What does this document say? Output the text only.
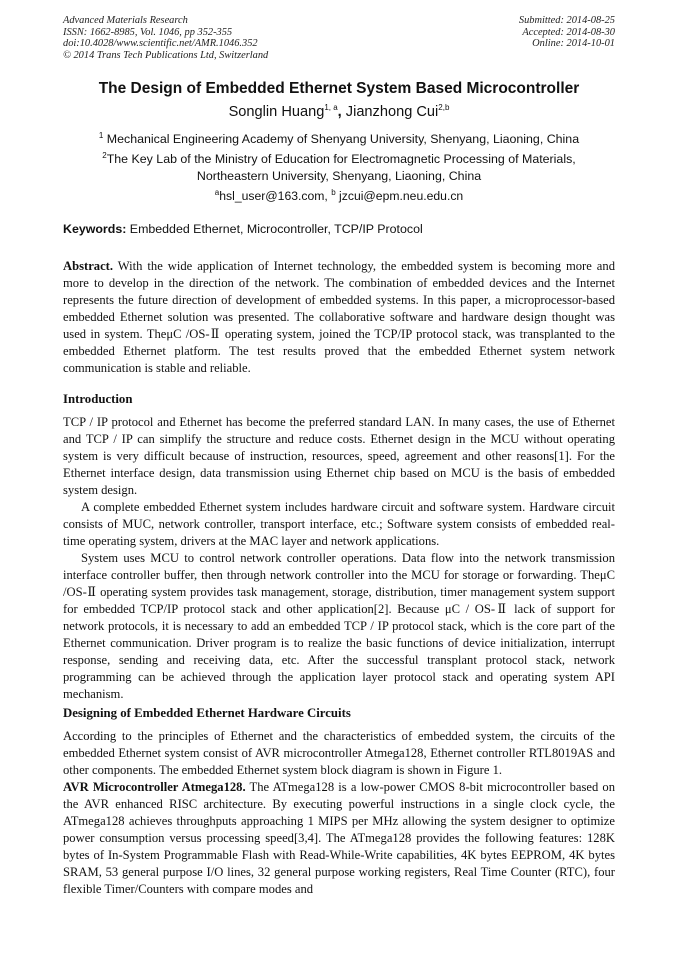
Advanced Materials Research
ISSN: 1662-8985, Vol. 1046, pp 352-355
doi:10.4028/www.scientific.net/AMR.1046.352
© 2014 Trans Tech Publications Ltd, Switzerland
Submitted: 2014-08-25
Accepted: 2014-08-30
Online: 2014-10-01
The Design of Embedded Ethernet System Based Microcontroller
Songlin Huang$^{1, a}$, Jianzhong Cui$^{2,b}$
$^1$ Mechanical Engineering Academy of Shenyang University, Shenyang, Liaoning, China
$^2$The Key Lab of the Ministry of Education for Electromagnetic Processing of Materials,
Northeastern University, Shenyang, Liaoning, China
$^a$hsl_user@163.com, $^b$ jzcui@epm.neu.edu.cn
Keywords: Embedded Ethernet, Microcontroller, TCP/IP Protocol
Abstract. With the wide application of Internet technology, the embedded system is becoming more and more to develop in the direction of the network. The combination of embedded devices and the Internet represents the future direction of development of embedded systems. In this paper, a microprocessor-based embedded Ethernet solution was presented. The collaborative software and hardware design thought was used in system. TheμC /OS-Ⅱ operating system, joined the TCP/IP protocol stack, was transplanted to the embedded Ethernet platform. The test results proved that the embedded Ethernet system network communication is stable and reliable.
Introduction

TCP / IP protocol and Ethernet has become the preferred standard LAN. In many cases, the use of Ethernet and TCP / IP can simplify the structure and reduce costs. Ethernet design in the MCU without operating system is very difficult because of instruction, resources, speed, agreement and other reasons[1]. For the Ethernet interface design, data transmission using Ethernet chip based on MCU is the basis of embedded system design.

A complete embedded Ethernet system includes hardware circuit and software system. Hardware circuit consists of MUC, network controller, transport interface, etc.; Software system consists of embedded real-time operating system, drivers at the MAC layer and network applications.

System uses MCU to control network controller operations. Data flow into the network transmission interface controller buffer, then through network controller into the MCU for storage or forwarding. TheμC /OS-Ⅱ operating system provides task management, storage, distribution, timer management system support for embedded TCP/IP protocol stack and other application[2]. Because μC / OS-Ⅱ lack of support for network protocols, it is necessary to add an embedded TCP / IP protocol stack, which is the core part of the Ethernet communication. Driver program is to realize the basic functions of device initialization, interrupt response, sending and receiving data, etc. After the successful transplant protocol stack, network programming can be achieved through the application layer protocol stack and operating system API mechanism.

Designing of Embedded Ethernet Hardware Circuits

According to the principles of Ethernet and the characteristics of embedded system, the circuits of the embedded Ethernet system consist of AVR microcontroller Atmega128, Ethernet controller RTL8019AS and other components. The embedded Ethernet system block diagram is shown in Figure 1.

AVR Microcontroller Atmega128. The ATmega128 is a low-power CMOS 8-bit microcontroller based on the AVR enhanced RISC architecture. By executing powerful instructions in a single clock cycle, the ATmega128 achieves throughputs approaching 1 MIPS per MHz allowing the system designer to optimize power consumption versus processing speed[3,4]. The ATmega128 provides the following features: 128K bytes of In-System Programmable Flash with Read-While-Write capabilities, 4K bytes EEPROM, 4K bytes SRAM, 53 general purpose I/O lines, 32 general purpose working registers, Real Time Counter (RTC), four flexible Timer/Counters with compare modes and
